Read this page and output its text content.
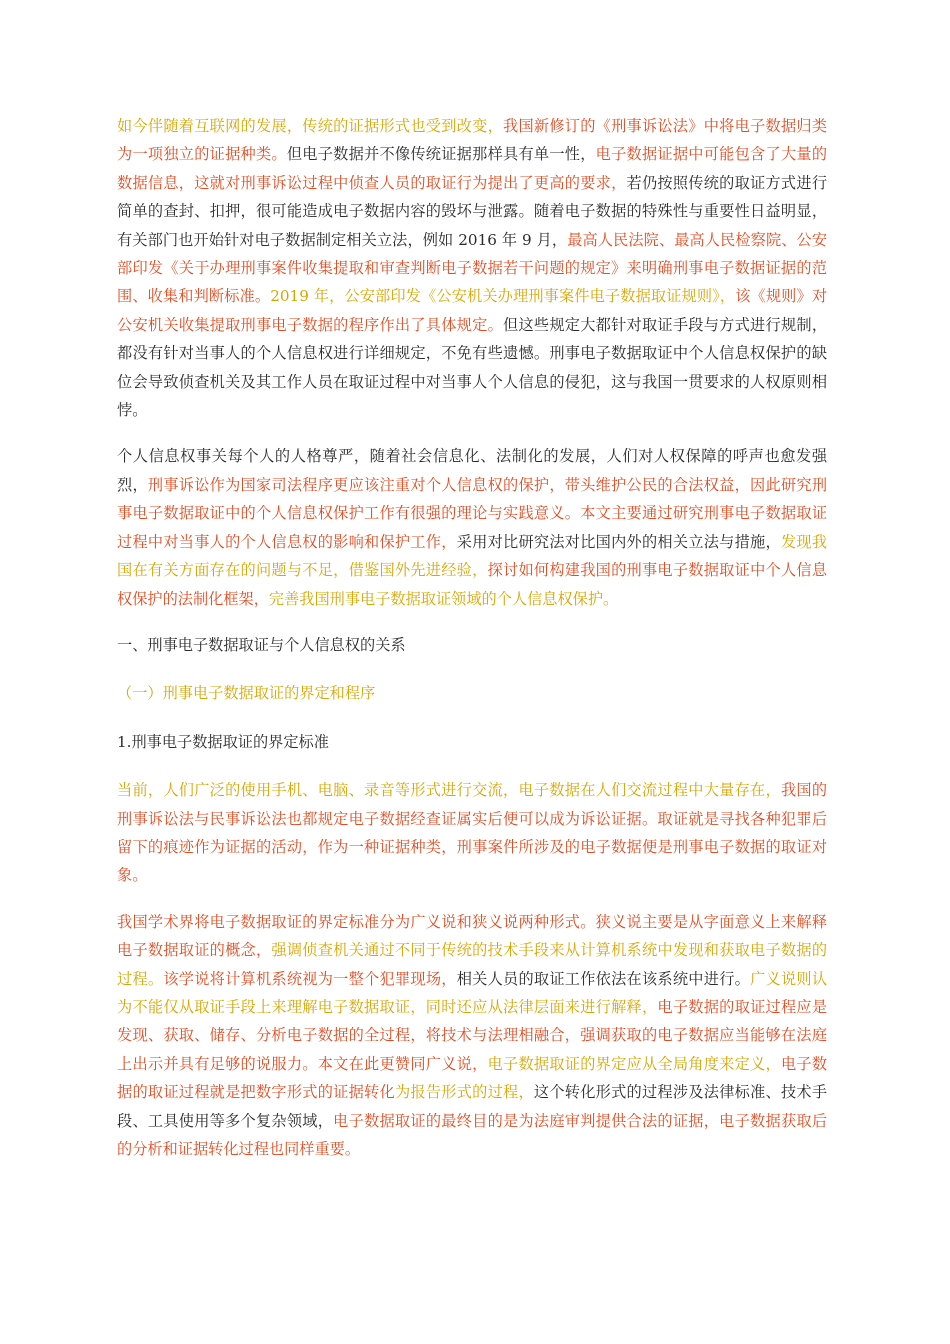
如今伴随着互联网的发展，传统的证据形式也受到改变，我国新修订的《刑事诉讼法》中将电子数据归类为一项独立的证据种类。但电子数据并不像传统证据那样具有单一性，电子数据证据中可能包含了大量的数据信息，这就对刑事诉讼过程中侦查人员的取证行为提出了更高的要求，若仍按照传统的取证方式进行简单的查封、扣押，很可能造成电子数据内容的毁坏与泄露。随着电子数据的特殊性与重要性日益明显，有关部门也开始针对电子数据制定相关立法，例如 2016 年 9 月，最高人民法院、最高人民检察院、公安部印发《关于办理刑事案件收集提取和审查判断电子数据若干问题的规定》来明确刑事电子数据证据的范围、收集和判断标准。2019 年，公安部印发《公安机关办理刑事案件电子数据取证规则》，该《规则》对公安机关收集提取刑事电子数据的程序作出了具体规定。但这些规定大都针对取证手段与方式进行规制，都没有针对当事人的个人信息权进行详细规定，不免有些遗憾。刑事电子数据取证中个人信息权保护的缺位会导致侦查机关及其工作人员在取证过程中对当事人个人信息的侵犯，这与我国一贯要求的人权原则相悖。

个人信息权事关每个人的人格尊严，随着社会信息化、法制化的发展，人们对人权保障的呼声也愈发强烈，刑事诉讼作为国家司法程序更应该注重对个人信息权的保护，带头维护公民的合法权益，因此研究刑事电子数据取证中的个人信息权保护工作有很强的理论与实践意义。本文主要通过研究刑事电子数据取证过程中对当事人的个人信息权的影响和保护工作，采用对比研究法对比国内外的相关立法与措施，发现我国在有关方面存在的问题与不足，借鉴国外先进经验，探讨如何构建我国的刑事电子数据取证中个人信息权保护的法制化框架，完善我国刑事电子数据取证领域的个人信息权保护。

一、刑事电子数据取证与个人信息权的关系

（一）刑事电子数据取证的界定和程序

1.刑事电子数据取证的界定标准

当前，人们广泛的使用手机、电脑、录音等形式进行交流，电子数据在人们交流过程中大量存在，我国的刑事诉讼法与民事诉讼法也都规定电子数据经查证属实后便可以成为诉讼证据。取证就是寻找各种犯罪后留下的痕迹作为证据的活动，作为一种证据种类，刑事案件所涉及的电子数据便是刑事电子数据的取证对象。

我国学术界将电子数据取证的界定标准分为广义说和狭义说两种形式。狭义说主要是从字面意义上来解释电子数据取证的概念，强调侦查机关通过不同于传统的技术手段来从计算机系统中发现和获取电子数据的过程。该学说将计算机系统视为一整个犯罪现场，相关人员的取证工作依法在该系统中进行。广义说则认为不能仅从取证手段上来理解电子数据取证，同时还应从法律层面来进行解释，电子数据的取证过程应是发现、获取、储存、分析电子数据的全过程，将技术与法理相融合，强调获取的电子数据应当能够在法庭上出示并具有足够的说服力。本文在此更赞同广义说，电子数据取证的界定应从全局角度来定义，电子数据的取证过程就是把数字形式的证据转化为报告形式的过程，这个转化形式的过程涉及法律标准、技术手段、工具使用等多个复杂领域，电子数据取证的最终目的是为法庭审判提供合法的证据，电子数据获取后的分析和证据转化过程也同样重要。
